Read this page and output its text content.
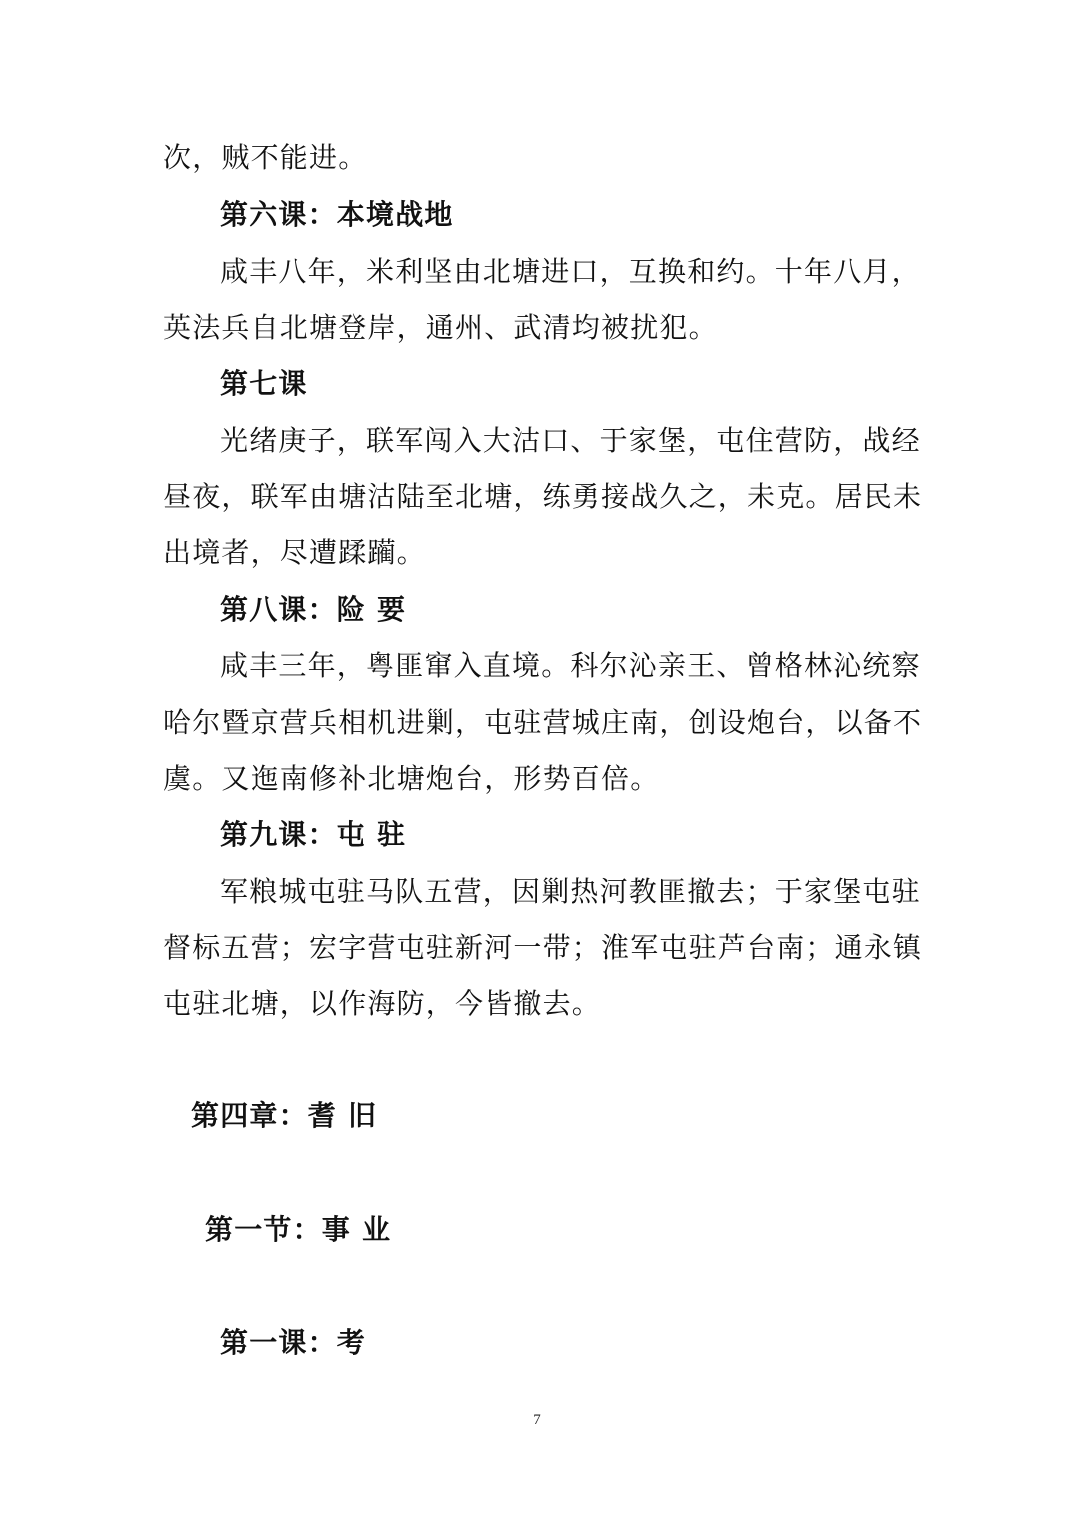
次，贼不能进。
第六课：本境战地
咸丰八年，米利坚由北塘进口，互换和约。十年八月，
英法兵自北塘登岸，通州、武清均被扰犯。
第七课
光绪庚子，联军闯入大沽口、于家堡，屯住营防，战经
昼夜，联军由塘沽陆至北塘，练勇接战久之，未克。居民未
出境者，尽遭蹂躏。
第八课：险 要
咸丰三年，粤匪窜入直境。科尔沁亲王、曾格林沁统察
哈尔暨京营兵相机进剿，屯驻营城庄南，创设炮台，以备不
虞。又迤南修补北塘炮台，形势百倍。
第九课：屯 驻
军粮城屯驻马队五营，因剿热河教匪撤去；于家堡屯驻
督标五营；宏字营屯驻新河一带；淮军屯驻芦台南；通永镇
屯驻北塘，以作海防，今皆撤去。
第四章：耆 旧
第一节：事 业
第一课：考
7
